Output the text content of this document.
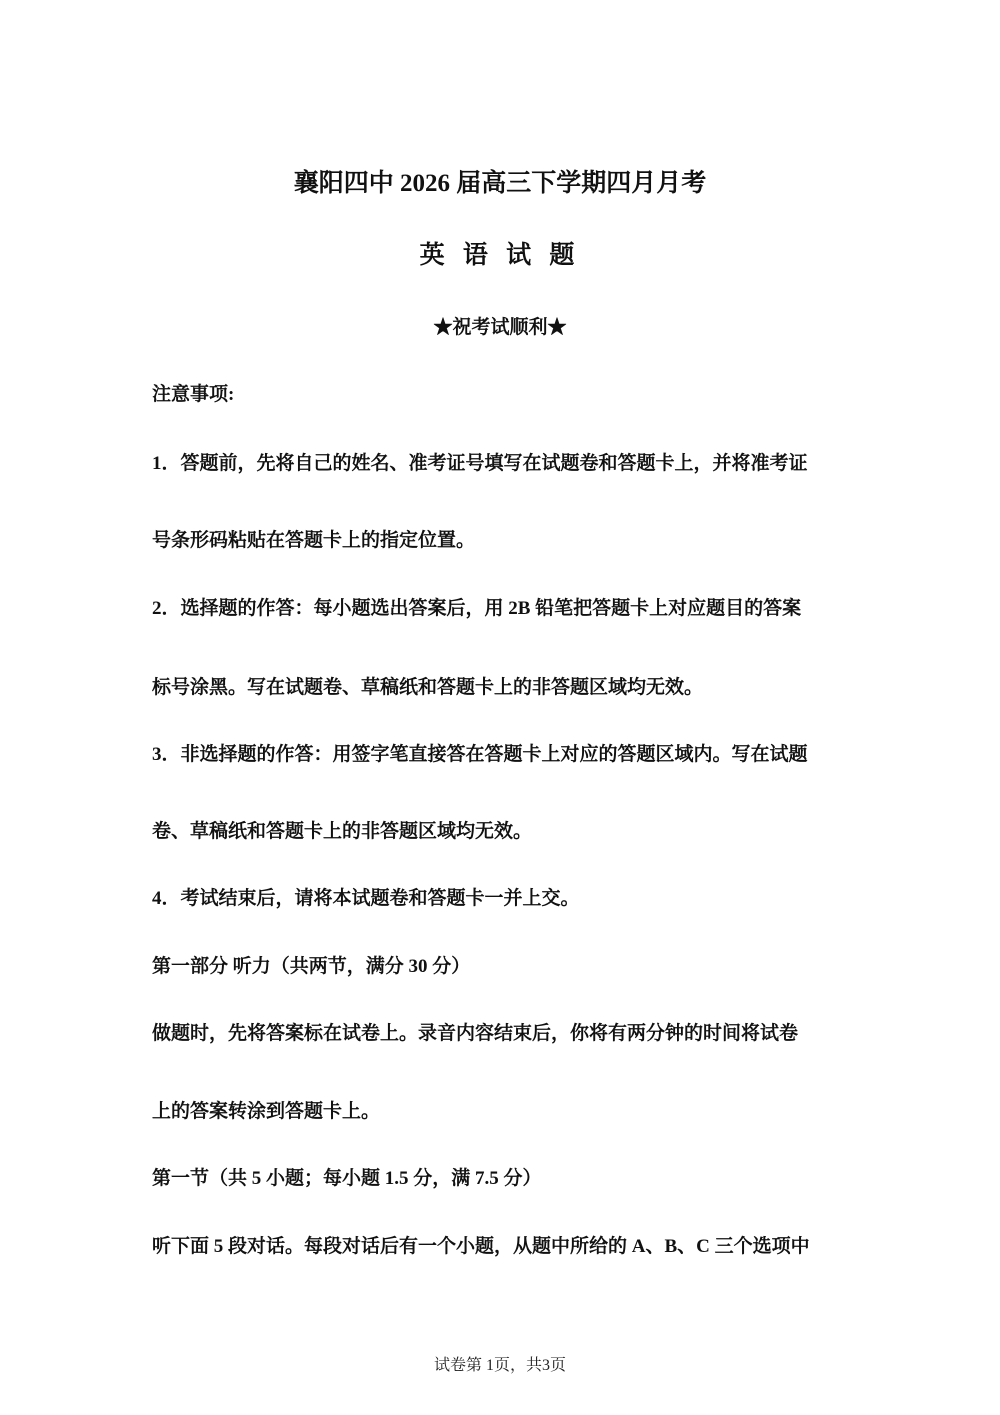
襄阳四中 2026 届高三下学期四月月考
英 语 试 题
★祝考试顺利★

注意事项:

1．答题前，先将自己的姓名、准考证号填写在试题卷和答题卡上，并将准考证

号条形码粘贴在答题卡上的指定位置。

2．选择题的作答：每小题选出答案后，用 2B 铅笔把答题卡上对应题目的答案

标号涂黑。写在试题卷、草稿纸和答题卡上的非答题区域均无效。

3．非选择题的作答：用签字笔直接答在答题卡上对应的答题区域内。写在试题

卷、草稿纸和答题卡上的非答题区域均无效。

4．考试结束后，请将本试题卷和答题卡一并上交。

第一部分 听力（共两节，满分 30 分）

做题时，先将答案标在试卷上。录音内容结束后，你将有两分钟的时间将试卷

上的答案转涂到答题卡上。

第一节（共 5 小题；每小题 1.5 分，满 7.5 分）

听下面 5 段对话。每段对话后有一个小题，从题中所给的 A、B、C 三个选项中

试卷第 1页，共3页
